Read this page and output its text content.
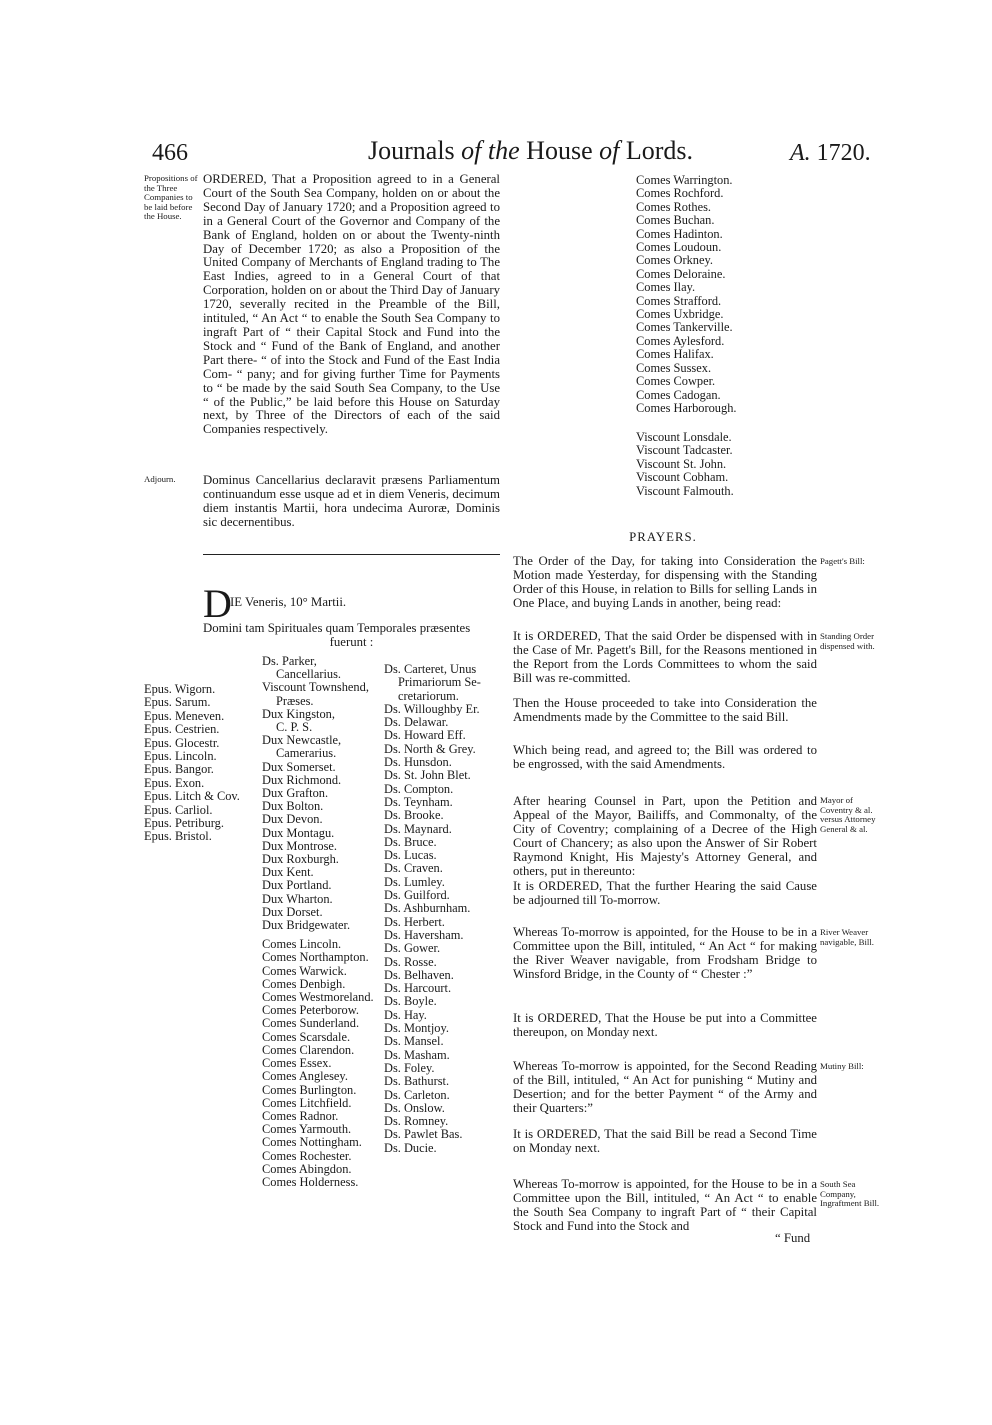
466	Journals of the House of Lords.	A. 1720.
Propositions of the Three Companies to be laid before the House.

ORDERED, That a Proposition agreed to in a General Court of the South Sea Company, holden on or about the Second Day of January 1720; and a Proposition agreed to in a General Court of the Governor and Company of the Bank of England, holden on or about the Twenty-ninth Day of December 1720; as also a Proposition of the United Company of Merchants of England trading to The East Indies, agreed to in a General Court of that Corporation, holden on or about the Third Day of January 1720, severally recited in the Preamble of the Bill, intituled, “ An Act “ to enable the South Sea Company to ingraft Part of “ their Capital Stock and Fund into the Stock and “ Fund of the Bank of England, and another Part there- “ of into the Stock and Fund of the East India Com- “ pany; and for giving further Time for Payments to “ be made by the said South Sea Company, to the Use “ of the Public,” be laid before this House on Saturday next, by Three of the Directors of each of the said Companies respectively.

Adjourn.	Dominus Cancellarius declaravit præsens Parliamentum continuandum esse usque ad et in diem Veneris, decimum diem instantis Martii, hora undecima Auroræ, Dominis sic decernentibus.

D
IE Veneris, 10° Martii.
Domini tam Spirituales quam Temporales præsentes
fuerunt :
Epus. Wigorn.
Epus. Sarum.
Epus. Meneven.
Epus. Cestrien.
Epus. Glocestr.
Epus. Lincoln.
Epus. Bangor.
Epus. Exon.
Epus. Litch & Cov.
Epus. Carliol.
Epus. Petriburg.
Epus. Bristol.
Ds. Parker,
Cancellarius.
Viscount Townshend,
Præses.
Dux Kingston,
C. P. S.
Dux Newcastle,
Camerarius.
Dux Somerset.
Dux Richmond.
Dux Grafton.
Dux Bolton.
Dux Devon.
Dux Montagu.
Dux Montrose.
Dux Roxburgh.
Dux Kent.
Dux Portland.
Dux Wharton.
Dux Dorset.
Dux Bridgewater.
Comes Lincoln.
Comes Northampton.
Comes Warwick.
Comes Denbigh.
Comes Westmoreland.
Comes Peterborow.
Comes Sunderland.
Comes Scarsdale.
Comes Clarendon.
Comes Essex.
Comes Anglesey.
Comes Burlington.
Comes Litchfield.
Comes Radnor.
Comes Yarmouth.
Comes Nottingham.
Comes Rochester.
Comes Abingdon.
Comes Holderness.
Ds. Carteret, Unus
Primariorum Se-
cretariorum.
Ds. Willoughby Er.
Ds. Delawar.
Ds. Howard Eff.
Ds. North & Grey.
Ds. Hunsdon.
Ds. St. John Blet.
Ds. Compton.
Ds. Teynham.
Ds. Brooke.
Ds. Maynard.
Ds. Bruce.
Ds. Lucas.
Ds. Craven.
Ds. Lumley.
Ds. Guilford.
Ds. Ashburnham.
Ds. Herbert.
Ds. Haversham.
Ds. Gower.
Ds. Rosse.
Ds. Belhaven.
Ds. Harcourt.
Ds. Boyle.
Ds. Hay.
Ds. Montjoy.
Ds. Mansel.
Ds. Masham.
Ds. Foley.
Ds. Bathurst.
Ds. Carleton.
Ds. Onslow.
Ds. Romney.
Ds. Pawlet Bas.
Ds. Ducie.
Comes Warrington.
Comes Rochford.
Comes Rothes.
Comes Buchan.
Comes Hadinton.
Comes Loudoun.
Comes Orkney.
Comes Deloraine.
Comes Ilay.
Comes Strafford.
Comes Uxbridge.
Comes Tankerville.
Comes Aylesford.
Comes Halifax.
Comes Sussex.
Comes Cowper.
Comes Cadogan.
Comes Harborough.
Viscount Lonsdale.
Viscount Tadcaster.
Viscount St. John.
Viscount Cobham.
Viscount Falmouth.
PRAYERS.
The Order of the Day, for taking into Consideration the Motion made Yesterday, for dispensing with the Standing Order of this House, in relation to Bills for selling Lands in One Place, and buying Lands in another, being read:
Pagett's Bill:
It is ORDERED, That the said Order be dispensed with in the Case of Mr. Pagett's Bill, for the Reasons mentioned in the Report from the Lords Committees to whom the said Bill was re-committed.
Standing Order dispensed with.
Then the House proceeded to take into Consideration the Amendments made by the Committee to the said Bill.
Which being read, and agreed to; the Bill was ordered to be engrossed, with the said Amendments.
After hearing Counsel in Part, upon the Petition and Appeal of the Mayor, Bailiffs, and Commonalty, of the City of Coventry; complaining of a Decree of the High Court of Chancery; as also upon the Answer of Sir Robert Raymond Knight, His Majesty's Attorney General, and others, put in thereunto:
Mayor of Coventry & al. versus Attorney General & al.
It is ORDERED, That the further Hearing the said Cause be adjourned till To-morrow.
Whereas To-morrow is appointed, for the House to be in a Committee upon the Bill, intituled, “ An Act “ for making the River Weaver navigable, from Frodsham Bridge to Winsford Bridge, in the County of “ Chester :”
River Weaver navigable, Bill.
It is ORDERED, That the House be put into a Committee thereupon, on Monday next.
Whereas To-morrow is appointed, for the Second Reading of the Bill, intituled, “ An Act for punishing “ Mutiny and Desertion; and for the better Payment “ of the Army and their Quarters:”
Mutiny Bill:
It is ORDERED, That the said Bill be read a Second Time on Monday next.
Whereas To-morrow is appointed, for the House to be in a Committee upon the Bill, intituled, “ An Act “ to enable the South Sea Company to ingraft Part of “ their Capital Stock and Fund into the Stock and
South Sea Company, Ingraftment Bill.
“ Fund
